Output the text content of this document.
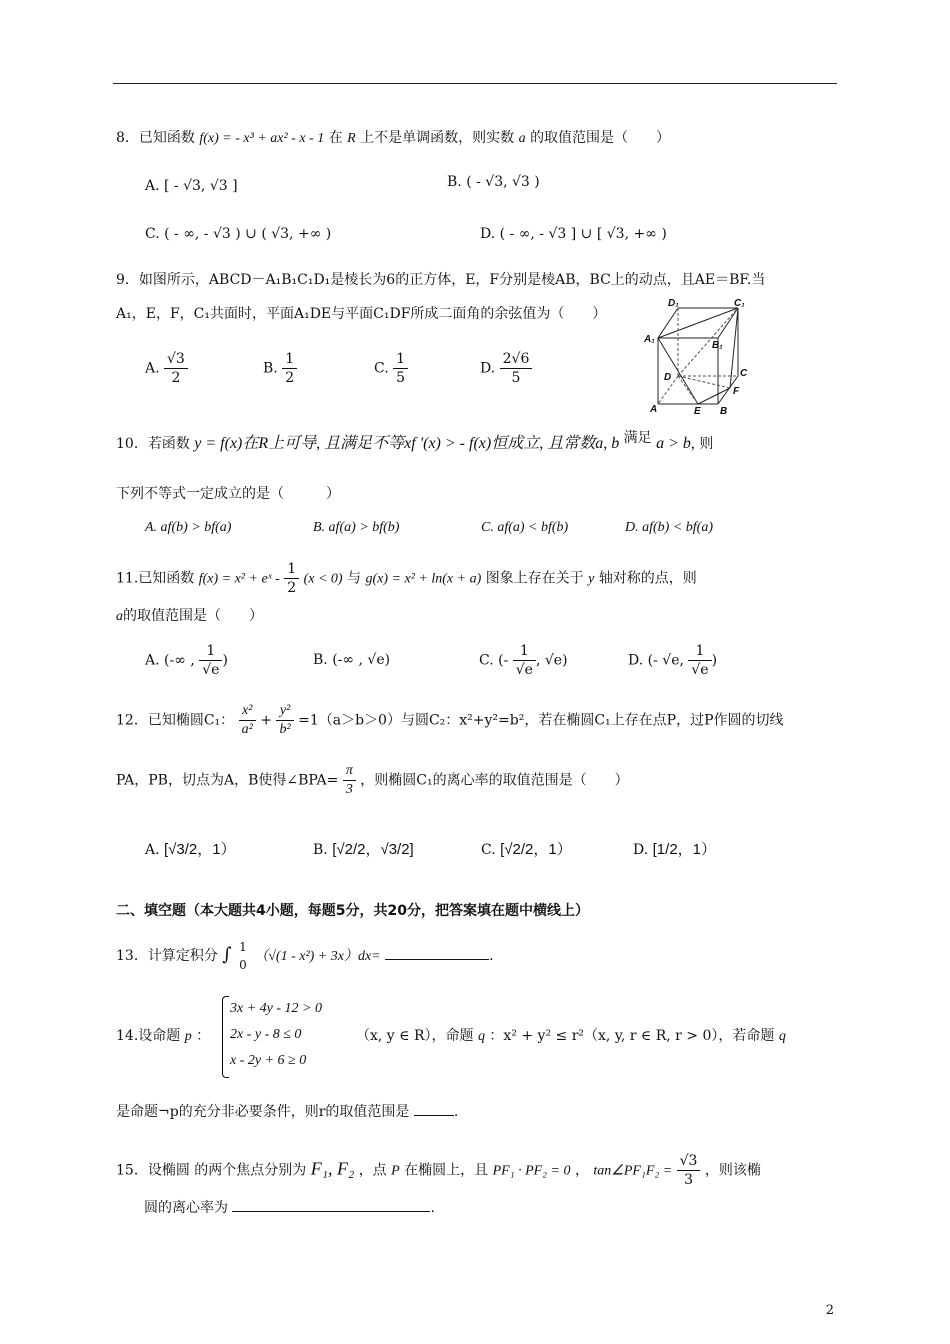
8．已知函数 f(x) = - x³ + ax² - x - 1 在 R 上不是单调函数，则实数 a 的取值范围是（　　）
A. [ - √3, √3 ]	B. ( - √3, √3 )
C. ( - ∞, - √3 ) ∪ ( √3, +∞ )	D. ( - ∞, - √3 ] ∪ [ √3, +∞ )
9．如图所示，ABCD－A₁B₁C₁D₁是棱长为6的正方体，E，F分别是棱AB，BC上的动点，且AE＝BF.当
A₁，E，F，C₁共面时，平面A₁DE与平面C₁DF所成二面角的余弦值为（　　）
A. $\frac{√3}{2}$	B. $\frac{1}{2}$	C. $\frac{1}{5}$	D. $\frac{2√6}{5}$
D₁	C₁
A₁
B₁
D	C
F
A	E B
10．若函数 y = f(x)在R上可导, 且满足不等xf '(x) > - f(x)恒成立, 且常数a, b 满足 a > b, 则
下列不等式一定成立的是（　　　）
A. af(b) > bf(a)	B. af(a) > bf(b)	C. af(a) < bf(b)	D. af(b) < bf(a)
11.已知函数 f(x) = x² + eˣ - $\frac{1}{2} (x < 0)$ 与 g(x) = x² + ln(x + a) 图象上存在关于 y 轴对称的点，则
a的取值范围是（　　）
A. (-∞ , $\frac{1}{√e}$ )	B. (-∞ , √e)	C. (- $\frac{1}{√e}$ , √e)	D. (- √e, $\frac{1}{√e}$ )
12．已知椭圆C₁： $\frac{\text{x²}}{\text{a²}} + \frac{\text{y²}}{\text{b²}} =1(a>b>0)$与圆C₂：x²+y²=b²，若在椭圆C₁上存在点P，过P作圆的切线
PA，PB，切点为A，B使得∠BPA= $\frac{\pi}{3}$ ，则椭圆C₁的离心率的取值范围是（　　）
A. [√3/2，1）	B. [√2/2，√3/2]	C. [√2/2，1）	D. [1/2，1）
二、填空题（本大题共4小题，每题5分，共20分，把答案填在题中横线上）
13．计算定积分 ∫ 1
0
（√(1 - x²) + 3x）dx=	.
14.设命题 p ：
3x + 4y - 12 > 0
2x - y - 8 ≤ 0
x - 2y + 6 ≥ 0
（x, y ∈ R），命题 q ：x² + y² ≤ r²（x, y, r ∈ R, r > 0），若命题 q
是命题¬p的充分非必要条件，则r的取值范围是	.
15．设椭圆 的两个焦点分别为 F₁, F₂ ，点 P 在椭圆上，且 PF₁ · PF₂ = 0 ， tan∠PF₁F₂ = $\frac{√3}{3}$ ，则该椭
圆的离心率为	.
2
